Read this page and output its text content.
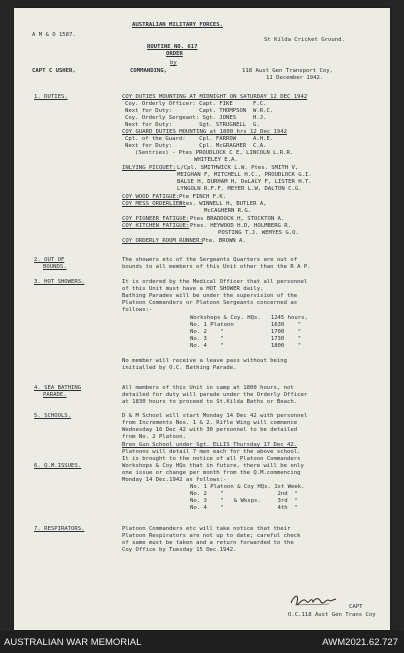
A M & O 1587.
AUSTRALIAN MILITARY FORCES.
St Kilda Cricket Ground.
ROUTINE NO. 617
ORDER
by
CAPT C USHER,	COMMANDING,	118 Aust Gen Transport Coy,
11 December 1942.
1. DUTIES.	COY DUTIES MOUNTING AT MIDNIGHT ON SATURDAY 12 DEC 1942
Coy. Orderly Officer: Capt. FIKE      F.C.
Next for Duty:        Capt. THOMPSON  W.R.C.
Coy. Orderly Sergeant: Sgt. JONES     H.J.
Next for Duty:        Sgt. STRUGNELL  G.
COY GUARD DUTIES MOUNTING at 1800 hrs 12 Dec 1942
Cpl. of the Guard:    Cpl. FARROW     A.H.E.
Next for Duty:        Cpl. McGRAGHER  C.A.
(Sentries) - Ptes PROUDLOCK C E, LINCOLN L.R.R.
WHITELEY E.A.
INLYING PICQUET: L/Cpl. SMITHWICK L.W. Ptes. SMITH V,
MEIGHAN F, MITCHELL H.C., PROUDLOCK G.I.
BALSE H, DURHAM H, DeLACY F, LISTER H.T.
LYNGOLN R.F.F. MEYER L.W, DALTON C.G.
COY WOOD FATIGUE: Pte FINCH F.K.
COY MESS ORDERLIES:
Ptes. WINNELL H, BUTLER A,
McCAGHERN R.G.
COY PIONEER FATIGUE: Ptes BRADDOCK H, STOCKTON A.
COY KITCHEN FATIGUE: Ptes. HEYWOOD H.D, HOLMBERG R.
POSTING T.J. WEMYES G.O.
COY ORDERLY ROOM RUNNER: Pte. BROWN A.
2. OUT OF
BOUNDS.
The showers etc of the Sergeants Quarters are out of
bounds to all members of this Unit other than the R A P.
3. HOT SHOWERS.	It is ordered by the Medical Officer that all personnel
of this Unit must have a HOT SHOWER daily.
Bathing Parades will be under the supervision of the
Platoon Commanders or Platoon Sergeants concerned as
follows:-
Workshops & Coy. HQs.   1245 hours,
No. 1 Platoon           1630    "
No. 2    "              1700    "
No. 3    "              1730    "
No. 4    "              1800    "
No member will receive a leave pass without being
initialled by O.C. Bathing Parade.
4. SEA BATHING
PARADE.
All members of this Unit in camp at 1800 hours, not
detailed for duty will parade under the Orderly Officer
at 1830 hours to proceed to St.Kilda Baths or Beach.
5. SCHOOLS.	D & M School will start Monday 14 Dec 42 with personnel
from Increments Nos. 1 & 2. Rifle Wing will commence
Wednesday 16 Dec 42 with 30 personnel to be detailed
from No. 2 Platoon.
Bren Gun School under Sgt. ELLIS Thursday 17 Dec 42.
Platoons will detail 7 men each for the above school.
6. Q.M.ISSUES.
It is brought to the notice of all Platoon Commanders
Workshops & Coy HQs that in future, there will be only
one issue or change per month from the Q.M.commencing
Monday 14 Dec.1942 as follows:-
No. 1 Platoon & Coy HQs. 1st Week.
No. 2    "                2nd  "
No. 3    "   & Wksps.     3rd  "
No. 4    "                4th  "
7. RESPIRATORS.	Platoon Commanders etc will take notice that their
Platoon Respirators are not up to date; careful check
of same must be taken and a return forwarded to the
Coy Office by Tuesday 15 Dec.1942.
CAPT
O.C.118 Aust Gen Trans Coy
AUSTRALIAN WAR MEMORIAL	AWM2021.62.727
